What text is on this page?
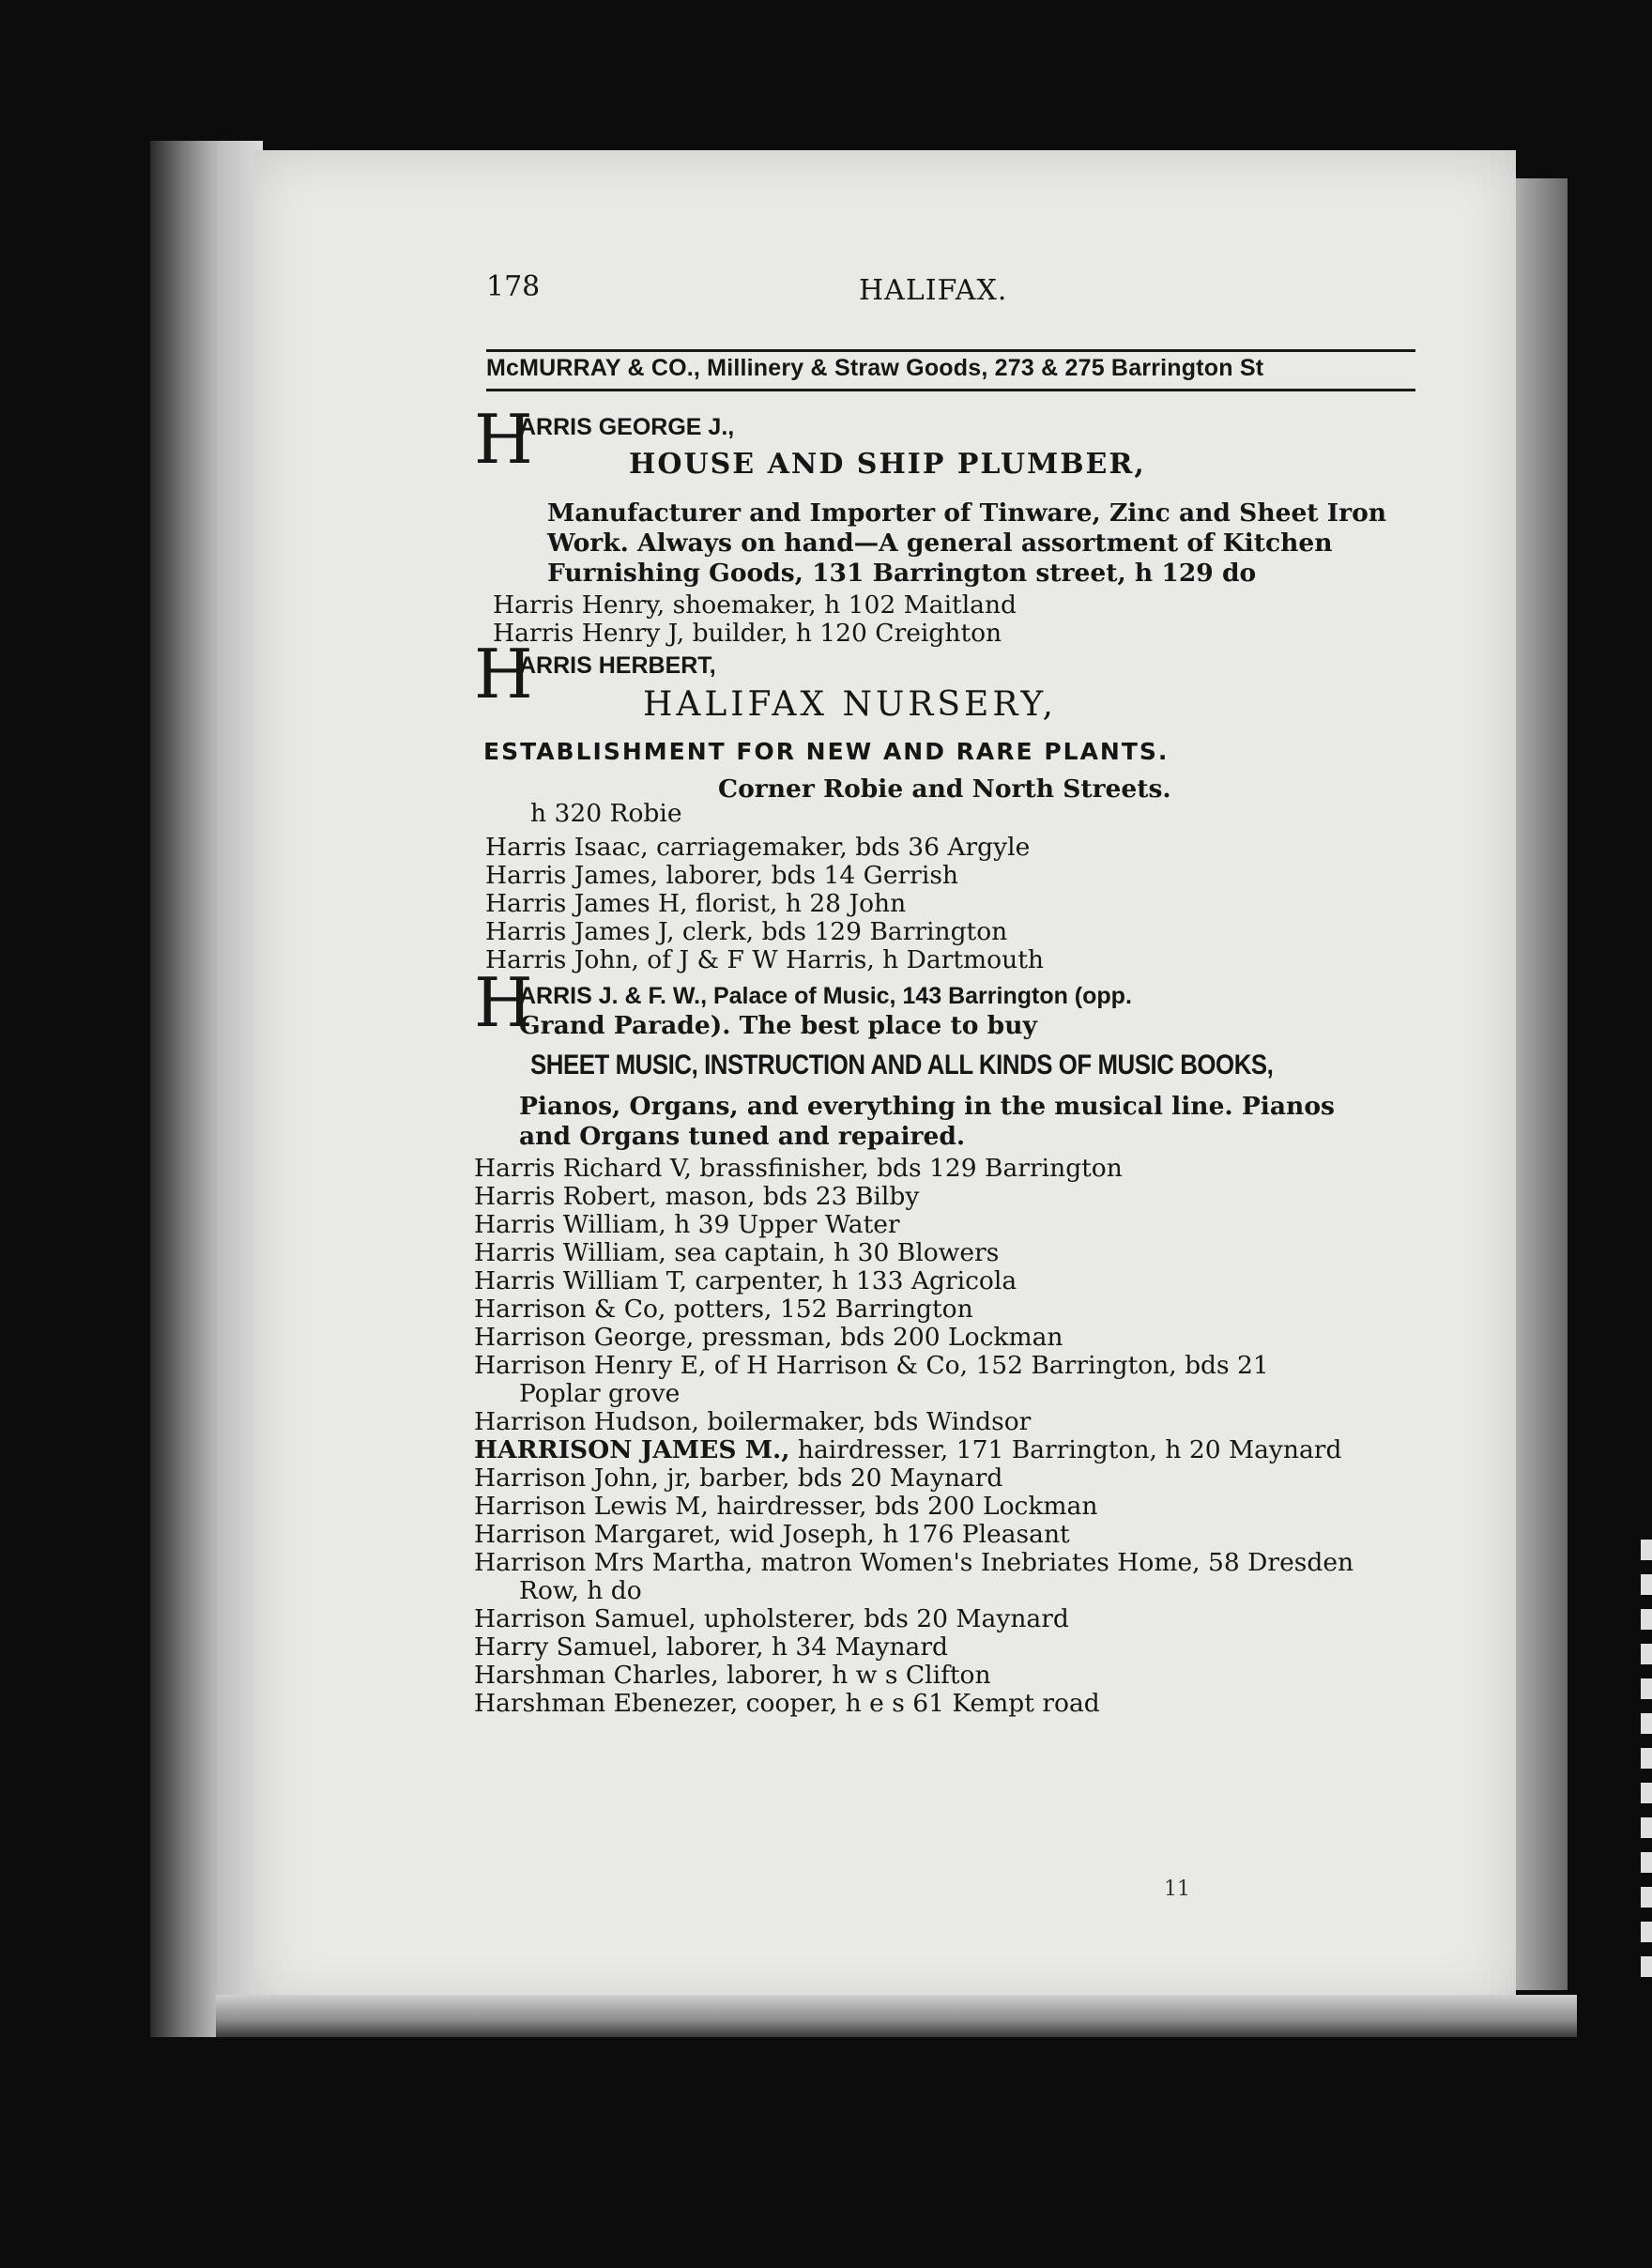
178	HALIFAX.
McMURRAY & CO., Millinery & Straw Goods, 273 & 275 Barrington St
H
ARRIS GEORGE J.,
HOUSE AND SHIP PLUMBER,
Manufacturer and Importer of Tinware, Zinc and Sheet Iron
Work. Always on hand—A general assortment of Kitchen
Furnishing Goods, 131 Barrington street, h 129 do
Harris Henry, shoemaker, h 102 Maitland
Harris Henry J, builder, h 120 Creighton
H
ARRIS HERBERT,
HALIFAX NURSERY,
ESTABLISHMENT FOR NEW AND RARE PLANTS.
Corner Robie and North Streets.
h 320 Robie
Harris Isaac, carriagemaker, bds 36 Argyle
Harris James, laborer, bds 14 Gerrish
Harris James H, florist, h 28 John
Harris James J, clerk, bds 129 Barrington
Harris John, of J & F W Harris, h Dartmouth
H
ARRIS J. & F. W., Palace of Music, 143 Barrington (opp.
Grand Parade). The best place to buy
SHEET MUSIC, INSTRUCTION AND ALL KINDS OF MUSIC BOOKS,
Pianos, Organs, and everything in the musical line. Pianos
and Organs tuned and repaired.
Harris Richard V, brassfinisher, bds 129 Barrington
Harris Robert, mason, bds 23 Bilby
Harris William, h 39 Upper Water
Harris William, sea captain, h 30 Blowers
Harris William T, carpenter, h 133 Agricola
Harrison & Co, potters, 152 Barrington
Harrison George, pressman, bds 200 Lockman
Harrison Henry E, of H Harrison & Co, 152 Barrington, bds 21
Poplar grove
Harrison Hudson, boilermaker, bds Windsor
HARRISON JAMES M., hairdresser, 171 Barrington, h 20 Maynard
Harrison John, jr, barber, bds 20 Maynard
Harrison Lewis M, hairdresser, bds 200 Lockman
Harrison Margaret, wid Joseph, h 176 Pleasant
Harrison Mrs Martha, matron Women's Inebriates Home, 58 Dresden
Row, h do
Harrison Samuel, upholsterer, bds 20 Maynard
Harry Samuel, laborer, h 34 Maynard
Harshman Charles, laborer, h w s Clifton
Harshman Ebenezer, cooper, h e s 61 Kempt road
11
